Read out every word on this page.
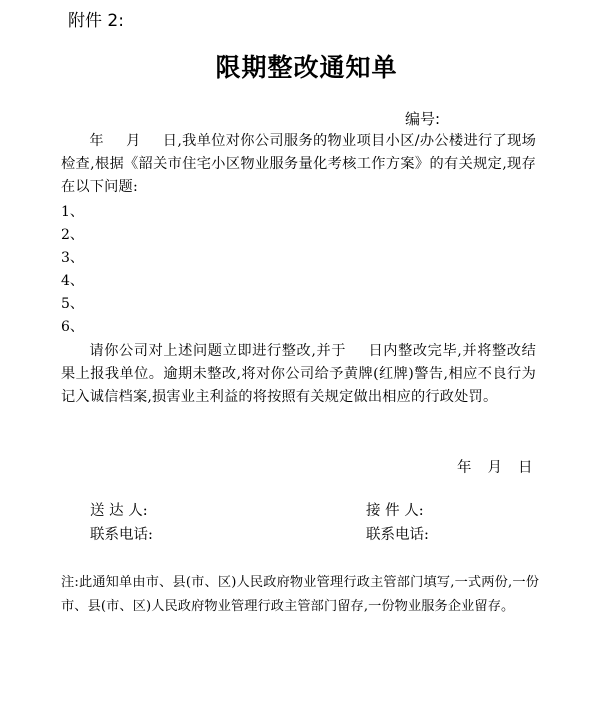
附件 2:
限期整改通知单
编号:
年 月 日,我单位对你公司服务的物业项目小区/办公楼进行了现场检查,根据《韶关市住宅小区物业服务量化考核工作方案》的有关规定,现存在以下问题:
1、
2、
3、
4、
5、
6、
请你公司对上述问题立即进行整改,并于 日内整改完毕,并将整改结果上报我单位。逾期未整改,将对你公司给予黄牌(红牌)警告,相应不良行为记入诚信档案,损害业主利益的将按照有关规定做出相应的行政处罚。
年 月 日
送 达 人:
联系电话:
接 件 人:
联系电话:
注:此通知单由市、县(市、区)人民政府物业管理行政主管部门填写,一式两份,一份市、县(市、区)人民政府物业管理行政主管部门留存,一份物业服务企业留存。
